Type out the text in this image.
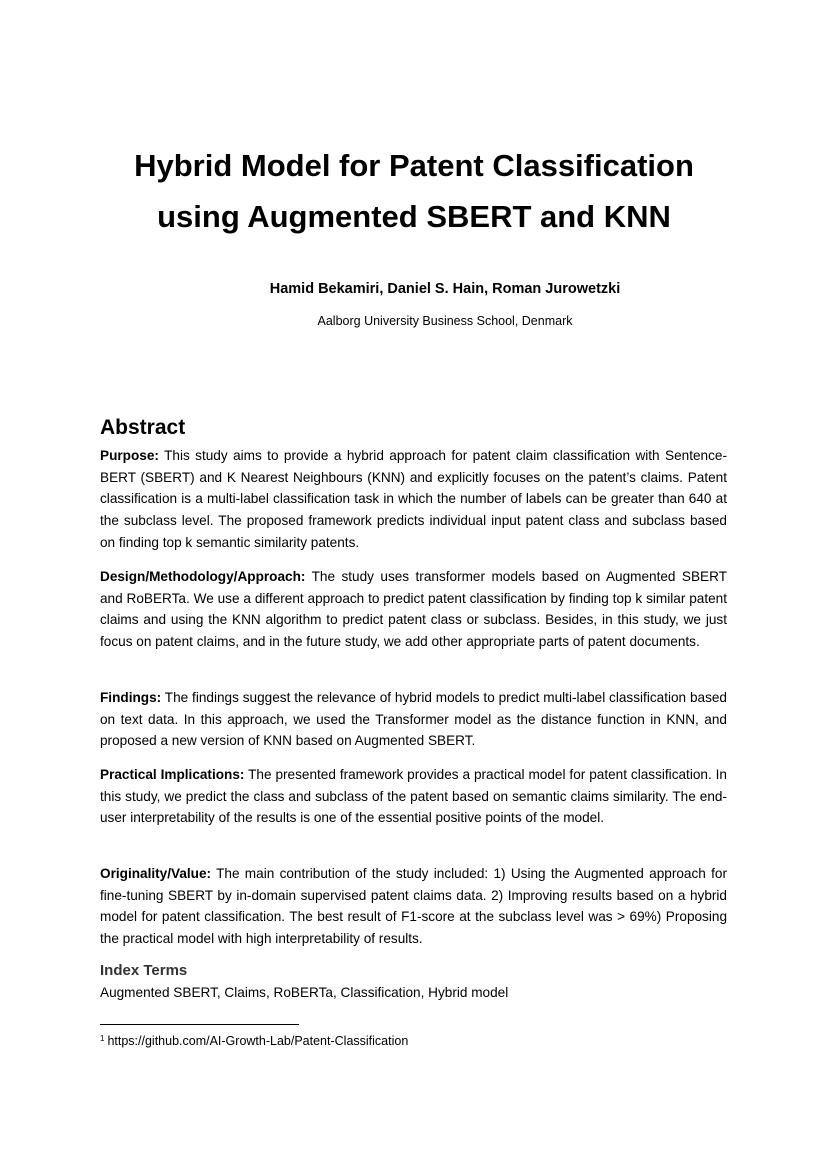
Hybrid Model for Patent Classification
using Augmented SBERT and KNN

Hamid Bekamiri, Daniel S. Hain, Roman Jurowetzki

Aalborg University Business School, Denmark

Abstract

Purpose: This study aims to provide a hybrid approach for patent claim classification with Sentence-BERT (SBERT) and K Nearest Neighbours (KNN) and explicitly focuses on the patent’s claims. Patent classification is a multi-label classification task in which the number of labels can be greater than 640 at the subclass level. The proposed framework predicts individual input patent class and subclass based on finding top k semantic similarity patents.

Design/Methodology/Approach: The study uses transformer models based on Augmented SBERT and RoBERTa. We use a different approach to predict patent classification by finding top k similar patent claims and using the KNN algorithm to predict patent class or subclass. Besides, in this study, we just focus on patent claims, and in the future study, we add other appropriate parts of patent documents.

Findings: The findings suggest the relevance of hybrid models to predict multi-label classification based on text data. In this approach, we used the Transformer model as the distance function in KNN, and proposed a new version of KNN based on Augmented SBERT.

Practical Implications: The presented framework provides a practical model for patent classification. In this study, we predict the class and subclass of the patent based on semantic claims similarity. The end-user interpretability of the results is one of the essential positive points of the model.

Originality/Value: The main contribution of the study included: 1) Using the Augmented approach for fine-tuning SBERT by in-domain supervised patent claims data. 2) Improving results based on a hybrid model for patent classification. The best result of F1-score at the subclass level was > 69%) Proposing the practical model with high interpretability of results.

Index Terms

Augmented SBERT, Claims, RoBERTa, Classification, Hybrid model

$^1$ https://github.com/AI-Growth-Lab/Patent-Classification
